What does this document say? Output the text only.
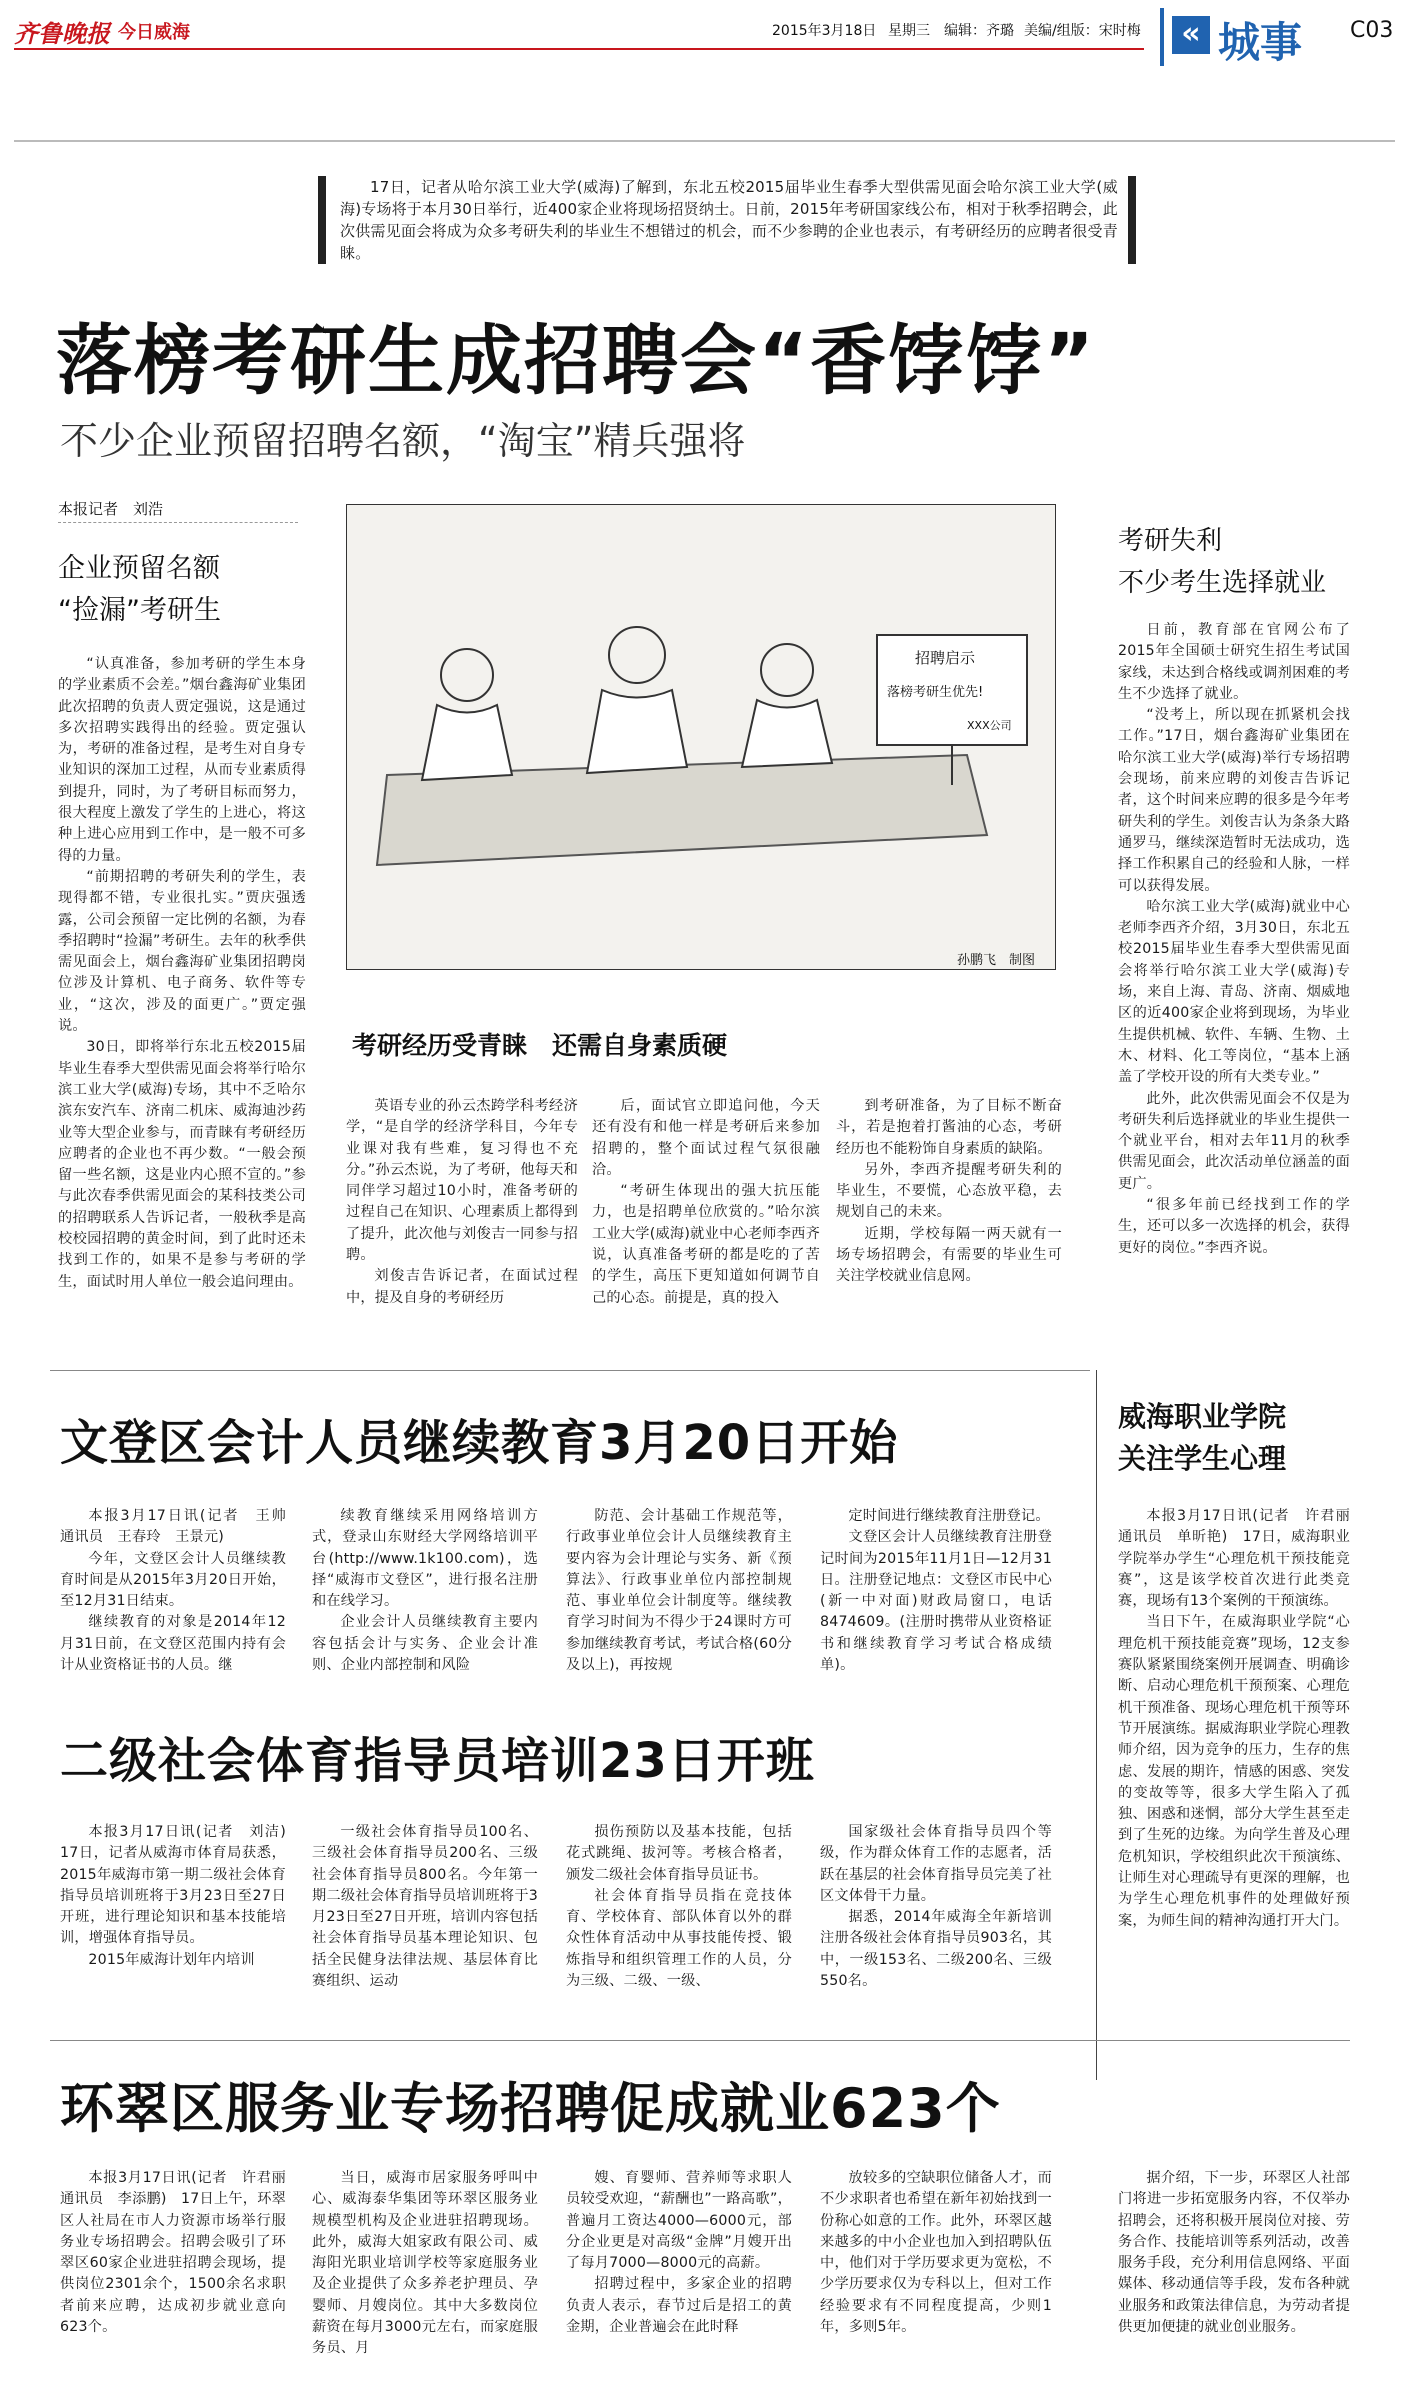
齐鲁晚报 今日威海	2015年3月18日 星期三 编辑：齐璐 美编/组版：宋时梅	« 城事 C03
17日，记者从哈尔滨工业大学(威海)了解到，东北五校2015届毕业生春季大型供需见面会哈尔滨工业大学(威海)专场将于本月30日举行，近400家企业将现场招贤纳士。日前，2015年考研国家线公布，相对于秋季招聘会，此次供需见面会将成为众多考研失利的毕业生不想错过的机会，而不少参聘的企业也表示，有考研经历的应聘者很受青睐。
落榜考研生成招聘会“香饽饽”
不少企业预留招聘名额，“淘宝”精兵强将
本报记者　刘浩
企业预留名额
“捡漏”考研生

“认真准备，参加考研的学生本身的学业素质不会差。”烟台鑫海矿业集团此次招聘的负责人贾定强说，这是通过多次招聘实践得出的经验。贾定强认为，考研的准备过程，是考生对自身专业知识的深加工过程，从而专业素质得到提升，同时，为了考研目标而努力，很大程度上激发了学生的上进心，将这种上进心应用到工作中，是一般不可多得的力量。

“前期招聘的考研失利的学生，表现得都不错，专业很扎实。”贾庆强透露，公司会预留一定比例的名额，为春季招聘时“捡漏”考研生。去年的秋季供需见面会上，烟台鑫海矿业集团招聘岗位涉及计算机、电子商务、软件等专业，“这次，涉及的面更广。”贾定强说。

30日，即将举行东北五校2015届毕业生春季大型供需见面会将举行哈尔滨工业大学(威海)专场，其中不乏哈尔滨东安汽车、济南二机床、威海迪沙药业等大型企业参与，而青睐有考研经历应聘者的企业也不再少数。“一般会预留一些名额，这是业内心照不宣的。”参与此次春季供需见面会的某科技类公司的招聘联系人告诉记者，一般秋季是高校校园招聘的黄金时间，到了此时还未找到工作的，如果不是参与考研的学生，面试时用人单位一般会追问理由。

招聘启示
落榜考研生优先!
XXX公司
孙鹏飞　制图
考研经历受青睐　还需自身素质硬

英语专业的孙云杰跨学科考经济学，“是自学的经济学科目，今年专业课对我有些难，复习得也不充分。”孙云杰说，为了考研，他每天和同伴学习超过10小时，准备考研的过程自己在知识、心理素质上都得到了提升，此次他与刘俊吉一同参与招聘。

刘俊吉告诉记者，在面试过程中，提及自身的考研经历

后，面试官立即追问他，今天还有没有和他一样是考研后来参加招聘的，整个面试过程气氛很融洽。

“考研生体现出的强大抗压能力，也是招聘单位欣赏的。”哈尔滨工业大学(威海)就业中心老师李西齐说，认真准备考研的都是吃的了苦的学生，高压下更知道如何调节自己的心态。前提是，真的投入

到考研准备，为了目标不断奋斗，若是抱着打酱油的心态，考研经历也不能粉饰自身素质的缺陷。

另外，李西齐提醒考研失利的毕业生，不要慌，心态放平稳，去规划自己的未来。

近期，学校每隔一两天就有一场专场招聘会，有需要的毕业生可关注学校就业信息网。

考研失利
不少考生选择就业

日前，教育部在官网公布了2015年全国硕士研究生招生考试国家线，未达到合格线或调剂困难的考生不少选择了就业。

“没考上，所以现在抓紧机会找工作。”17日，烟台鑫海矿业集团在哈尔滨工业大学(威海)举行专场招聘会现场，前来应聘的刘俊吉告诉记者，这个时间来应聘的很多是今年考研失利的学生。刘俊吉认为条条大路通罗马，继续深造暂时无法成功，选择工作积累自己的经验和人脉，一样可以获得发展。

哈尔滨工业大学(威海)就业中心老师李西齐介绍，3月30日，东北五校2015届毕业生春季大型供需见面会将举行哈尔滨工业大学(威海)专场，来自上海、青岛、济南、烟威地区的近400家企业将到现场，为毕业生提供机械、软件、车辆、生物、土木、材料、化工等岗位，“基本上涵盖了学校开设的所有大类专业。”

此外，此次供需见面会不仅是为考研失利后选择就业的毕业生提供一个就业平台，相对去年11月的秋季供需见面会，此次活动单位涵盖的面更广。

“很多年前已经找到工作的学生，还可以多一次选择的机会，获得更好的岗位。”李西齐说。

文登区会计人员继续教育3月20日开始

本报3月17日讯(记者　王帅　通讯员　王春玲　王景元)

今年，文登区会计人员继续教育时间是从2015年3月20日开始，至12月31日结束。

继续教育的对象是2014年12月31日前，在文登区范围内持有会计从业资格证书的人员。继

续教育继续采用网络培训方式，登录山东财经大学网络培训平台(http://www.1k100.com)，选择“威海市文登区”，进行报名注册和在线学习。

企业会计人员继续教育主要内容包括会计与实务、企业会计准则、企业内部控制和风险

防范、会计基础工作规范等，行政事业单位会计人员继续教育主要内容为会计理论与实务、新《预算法》、行政事业单位内部控制规范、事业单位会计制度等。继续教育学习时间为不得少于24课时方可参加继续教育考试，考试合格(60分及以上)，再按规

定时间进行继续教育注册登记。

文登区会计人员继续教育注册登记时间为2015年11月1日—12月31日。注册登记地点：文登区市民中心(新一中对面)财政局窗口，电话8474609。(注册时携带从业资格证书和继续教育学习考试合格成绩单)。

二级社会体育指导员培训23日开班

本报3月17日讯(记者　刘洁)　17日，记者从威海市体育局获悉，2015年威海市第一期二级社会体育指导员培训班将于3月23日至27日开班，进行理论知识和基本技能培训，增强体育指导员。

2015年威海计划年内培训

一级社会体育指导员100名、三级社会体育指导员200名、三级社会体育指导员800名。今年第一期二级社会体育指导员培训班将于3月23日至27日开班，培训内容包括社会体育指导员基本理论知识、包括全民健身法律法规、基层体育比赛组织、运动

损伤预防以及基本技能，包括花式跳绳、拔河等。考核合格者，颁发二级社会体育指导员证书。

社会体育指导员指在竞技体育、学校体育、部队体育以外的群众性体育活动中从事技能传授、锻炼指导和组织管理工作的人员，分为三级、二级、一级、

国家级社会体育指导员四个等级，作为群众体育工作的志愿者，活跃在基层的社会体育指导员完美了社区文体骨干力量。

据悉，2014年威海全年新培训注册各级社会体育指导员903名，其中，一级153名、二级200名、三级550名。

威海职业学院
关注学生心理

本报3月17日讯(记者　许君丽　通讯员　单昕艳)　17日，威海职业学院举办学生“心理危机干预技能竞赛”，这是该学校首次进行此类竞赛，现场有13个案例的干预演练。

当日下午，在威海职业学院“心理危机干预技能竞赛”现场，12支参赛队紧紧围绕案例开展调查、明确诊断、启动心理危机干预预案、心理危机干预准备、现场心理危机干预等环节开展演练。据威海职业学院心理教师介绍，因为竞争的压力，生存的焦虑、发展的期许，情感的困惑、突发的变故等等，很多大学生陷入了孤独、困惑和迷惘，部分大学生甚至走到了生死的边缘。为向学生普及心理危机知识，学校组织此次干预演练、让师生对心理疏导有更深的理解，也为学生心理危机事件的处理做好预案，为师生间的精神沟通打开大门。

环翠区服务业专场招聘促成就业623个

本报3月17日讯(记者　许君丽　通讯员　李添鹏)　17日上午，环翠区人社局在市人力资源市场举行服务业专场招聘会。招聘会吸引了环翠区60家企业进驻招聘会现场，提供岗位2301余个，1500余名求职者前来应聘，达成初步就业意向623个。

当日，威海市居家服务呼叫中心、威海泰华集团等环翠区服务业规模型机构及企业进驻招聘现场。此外，威海大姐家政有限公司、威海阳光职业培训学校等家庭服务业及企业提供了众多养老护理员、孕婴师、月嫂岗位。其中大多数岗位薪资在每月3000元左右，而家庭服务员、月

嫂、育婴师、营养师等求职人员较受欢迎，“薪酬也”一路高歌”，普遍月工资达4000—6000元，部分企业更是对高级“金牌”月嫂开出了每月7000—8000元的高薪。

招聘过程中，多家企业的招聘负责人表示，春节过后是招工的黄金期，企业普遍会在此时释

放较多的空缺职位储备人才，而不少求职者也希望在新年初始找到一份称心如意的工作。此外，环翠区越来越多的中小企业也加入到招聘队伍中，他们对于学历要求更为宽松，不少学历要求仅为专科以上，但对工作经验要求有不同程度提高，少则1年，多则5年。

据介绍，下一步，环翠区人社部门将进一步拓宽服务内容，不仅举办招聘会，还将积极开展岗位对接、劳务合作、技能培训等系列活动，改善服务手段，充分利用信息网络、平面媒体、移动通信等手段，发布各种就业服务和政策法律信息，为劳动者提供更加便捷的就业创业服务。
